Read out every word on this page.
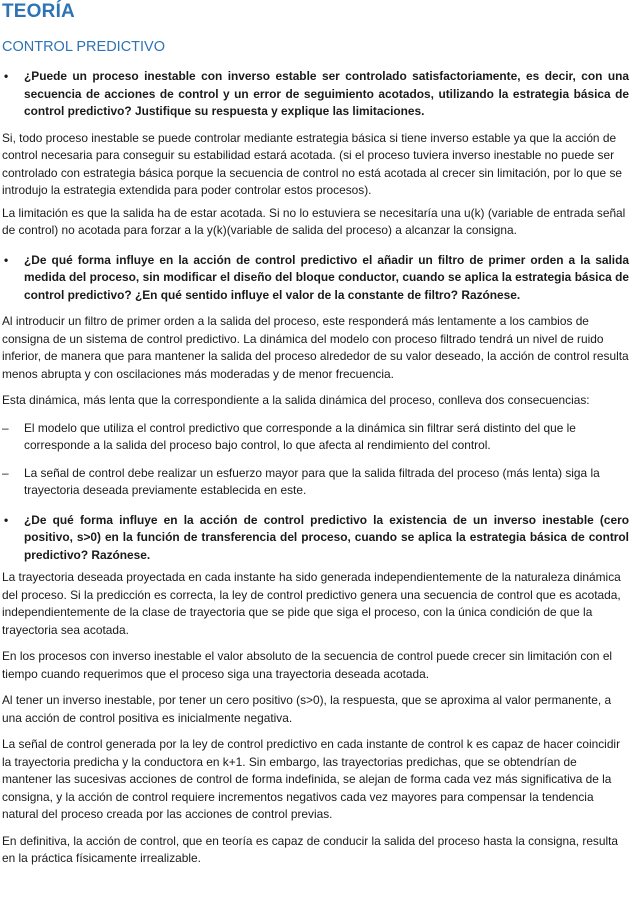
TEORÍA
CONTROL PREDICTIVO
• ¿Puede un proceso inestable con inverso estable ser controlado satisfactoriamente, es decir, con una secuencia de acciones de control y un error de seguimiento acotados, utilizando la estrategia básica de control predictivo? Justifique su respuesta y explique las limitaciones.

Si, todo proceso inestable se puede controlar mediante estrategia básica si tiene inverso estable ya que la acción de control necesaria para conseguir su estabilidad estará acotada. (si el proceso tuviera inverso inestable no puede ser controlado con estrategia básica porque la secuencia de control no está acotada al crecer sin limitación, por lo que se introdujo la estrategia extendida para poder controlar estos procesos).

La limitación es que la salida ha de estar acotada. Si no lo estuviera se necesitaría una u(k) (variable de entrada señal de control) no acotada para forzar a la y(k)(variable de salida del proceso) a alcanzar la consigna.

• ¿De qué forma influye en la acción de control predictivo el añadir un filtro de primer orden a la salida medida del proceso, sin modificar el diseño del bloque conductor, cuando se aplica la estrategia básica de control predictivo? ¿En qué sentido influye el valor de la constante de filtro? Razónese.

Al introducir un filtro de primer orden a la salida del proceso, este responderá más lentamente a los cambios de consigna de un sistema de control predictivo. La dinámica del modelo con proceso filtrado tendrá un nivel de ruido inferior, de manera que para mantener la salida del proceso alrededor de su valor deseado, la acción de control resulta menos abrupta y con oscilaciones más moderadas y de menor frecuencia.

Esta dinámica, más lenta que la correspondiente a la salida dinámica del proceso, conlleva dos consecuencias:

– El modelo que utiliza el control predictivo que corresponde a la dinámica sin filtrar será distinto del que le corresponde a la salida del proceso bajo control, lo que afecta al rendimiento del control.
– La señal de control debe realizar un esfuerzo mayor para que la salida filtrada del proceso (más lenta) siga la trayectoria deseada previamente establecida en este.
• ¿De qué forma influye en la acción de control predictivo la existencia de un inverso inestable (cero positivo, s>0) en la función de transferencia del proceso, cuando se aplica la estrategia básica de control predictivo? Razónese.

La trayectoria deseada proyectada en cada instante ha sido generada independientemente de la naturaleza dinámica del proceso. Si la predicción es correcta, la ley de control predictivo genera una secuencia de control que es acotada, independientemente de la clase de trayectoria que se pide que siga el proceso, con la única condición de que la trayectoria sea acotada.

En los procesos con inverso inestable el valor absoluto de la secuencia de control puede crecer sin limitación con el tiempo cuando requerimos que el proceso siga una trayectoria deseada acotada.

Al tener un inverso inestable, por tener un cero positivo (s>0), la respuesta, que se aproxima al valor permanente, a una acción de control positiva es inicialmente negativa.

La señal de control generada por la ley de control predictivo en cada instante de control k es capaz de hacer coincidir la trayectoria predicha y la conductora en k+1. Sin embargo, las trayectorias predichas, que se obtendrían de mantener las sucesivas acciones de control de forma indefinida, se alejan de forma cada vez más significativa de la consigna, y la acción de control requiere incrementos negativos cada vez mayores para compensar la tendencia natural del proceso creada por las acciones de control previas.

En definitiva, la acción de control, que en teoría es capaz de conducir la salida del proceso hasta la consigna, resulta en la práctica físicamente irrealizable.
